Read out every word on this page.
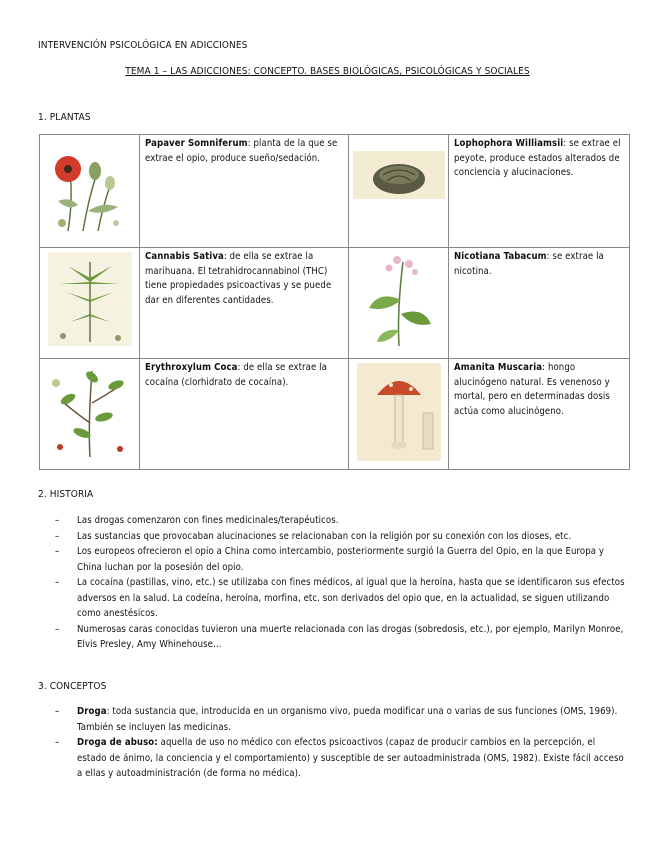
INTERVENCIÓN PSICOLÓGICA EN ADICCIONES
TEMA 1 – LAS ADICCIONES: CONCEPTO. BASES BIOLÓGICAS, PSICOLÓGICAS Y SOCIALES
1. PLANTAS
	Papaver Somniferum: planta de la que se extrae el opio, produce sueño/sedación.		Lophophora Williamsii: se extrae el peyote, produce estados alterados de conciencia y alucinaciones.

	Cannabis Sativa: de ella se extrae la marihuana. El tetrahidrocannabinol (THC) tiene propiedades psicoactivas y se puede dar en diferentes cantidades.		Nicotiana Tabacum: se extrae la nicotina.

	Erythroxylum Coca: de ella se extrae la cocaína (clorhidrato de cocaína).		Amanita Muscaria: hongo alucinógeno natural. Es venenoso y mortal, pero en determinadas dosis actúa como alucinógeno.
2. HISTORIA
– Las drogas comenzaron con fines medicinales/terapéuticos.
– Las sustancias que provocaban alucinaciones se relacionaban con la religión por su conexión con los dioses, etc.
– Los europeos ofrecieron el opio a China como intercambio, posteriormente surgió la Guerra del Opio, en la que Europa y China luchan por la posesión del opio.
– La cocaína (pastillas, vino, etc.) se utilizaba con fines médicos, al igual que la heroína, hasta que se identificaron sus efectos adversos en la salud. La codeína, heroína, morfina, etc. son derivados del opio que, en la actualidad, se siguen utilizando como anestésicos.
– Numerosas caras conocidas tuvieron una muerte relacionada con las drogas (sobredosis, etc.), por ejemplo, Marilyn Monroe, Elvis Presley, Amy Whinehouse…
3. CONCEPTOS
– Droga: toda sustancia que, introducida en un organismo vivo, pueda modificar una o varias de sus funciones (OMS, 1969). También se incluyen las medicinas.
– Droga de abuso: aquella de uso no médico con efectos psicoactivos (capaz de producir cambios en la percepción, el estado de ánimo, la conciencia y el comportamiento) y susceptible de ser autoadministrada (OMS, 1982). Existe fácil acceso a ellas y autoadministración (de forma no médica).
